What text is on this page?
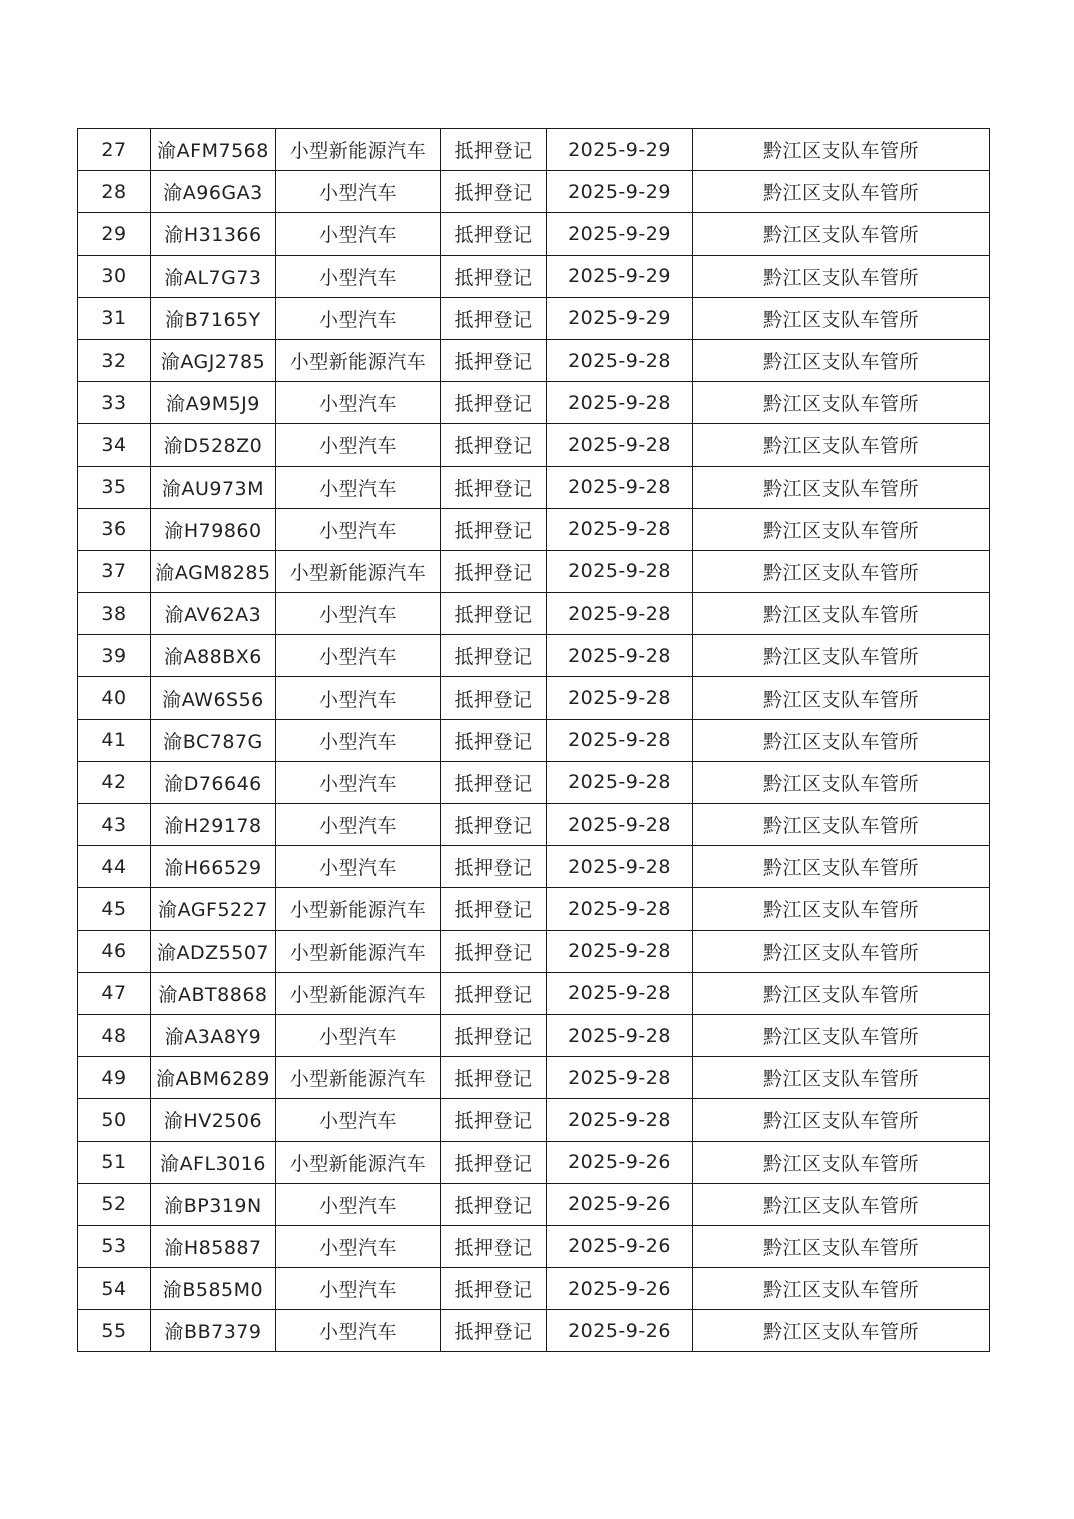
27	渝AFM7568	小型新能源汽车	抵押登记	2025-9-29	黔江区支队车管所
28	渝A96GA3	小型汽车	抵押登记	2025-9-29	黔江区支队车管所
29	渝H31366	小型汽车	抵押登记	2025-9-29	黔江区支队车管所
30	渝AL7G73	小型汽车	抵押登记	2025-9-29	黔江区支队车管所
31	渝B7165Y	小型汽车	抵押登记	2025-9-29	黔江区支队车管所
32	渝AGJ2785	小型新能源汽车	抵押登记	2025-9-28	黔江区支队车管所
33	渝A9M5J9	小型汽车	抵押登记	2025-9-28	黔江区支队车管所
34	渝D528Z0	小型汽车	抵押登记	2025-9-28	黔江区支队车管所
35	渝AU973M	小型汽车	抵押登记	2025-9-28	黔江区支队车管所
36	渝H79860	小型汽车	抵押登记	2025-9-28	黔江区支队车管所
37	渝AGM8285	小型新能源汽车	抵押登记	2025-9-28	黔江区支队车管所
38	渝AV62A3	小型汽车	抵押登记	2025-9-28	黔江区支队车管所
39	渝A88BX6	小型汽车	抵押登记	2025-9-28	黔江区支队车管所
40	渝AW6S56	小型汽车	抵押登记	2025-9-28	黔江区支队车管所
41	渝BC787G	小型汽车	抵押登记	2025-9-28	黔江区支队车管所
42	渝D76646	小型汽车	抵押登记	2025-9-28	黔江区支队车管所
43	渝H29178	小型汽车	抵押登记	2025-9-28	黔江区支队车管所
44	渝H66529	小型汽车	抵押登记	2025-9-28	黔江区支队车管所
45	渝AGF5227	小型新能源汽车	抵押登记	2025-9-28	黔江区支队车管所
46	渝ADZ5507	小型新能源汽车	抵押登记	2025-9-28	黔江区支队车管所
47	渝ABT8868	小型新能源汽车	抵押登记	2025-9-28	黔江区支队车管所
48	渝A3A8Y9	小型汽车	抵押登记	2025-9-28	黔江区支队车管所
49	渝ABM6289	小型新能源汽车	抵押登记	2025-9-28	黔江区支队车管所
50	渝HV2506	小型汽车	抵押登记	2025-9-28	黔江区支队车管所
51	渝AFL3016	小型新能源汽车	抵押登记	2025-9-26	黔江区支队车管所
52	渝BP319N	小型汽车	抵押登记	2025-9-26	黔江区支队车管所
53	渝H85887	小型汽车	抵押登记	2025-9-26	黔江区支队车管所
54	渝B585M0	小型汽车	抵押登记	2025-9-26	黔江区支队车管所
55	渝BB7379	小型汽车	抵押登记	2025-9-26	黔江区支队车管所
